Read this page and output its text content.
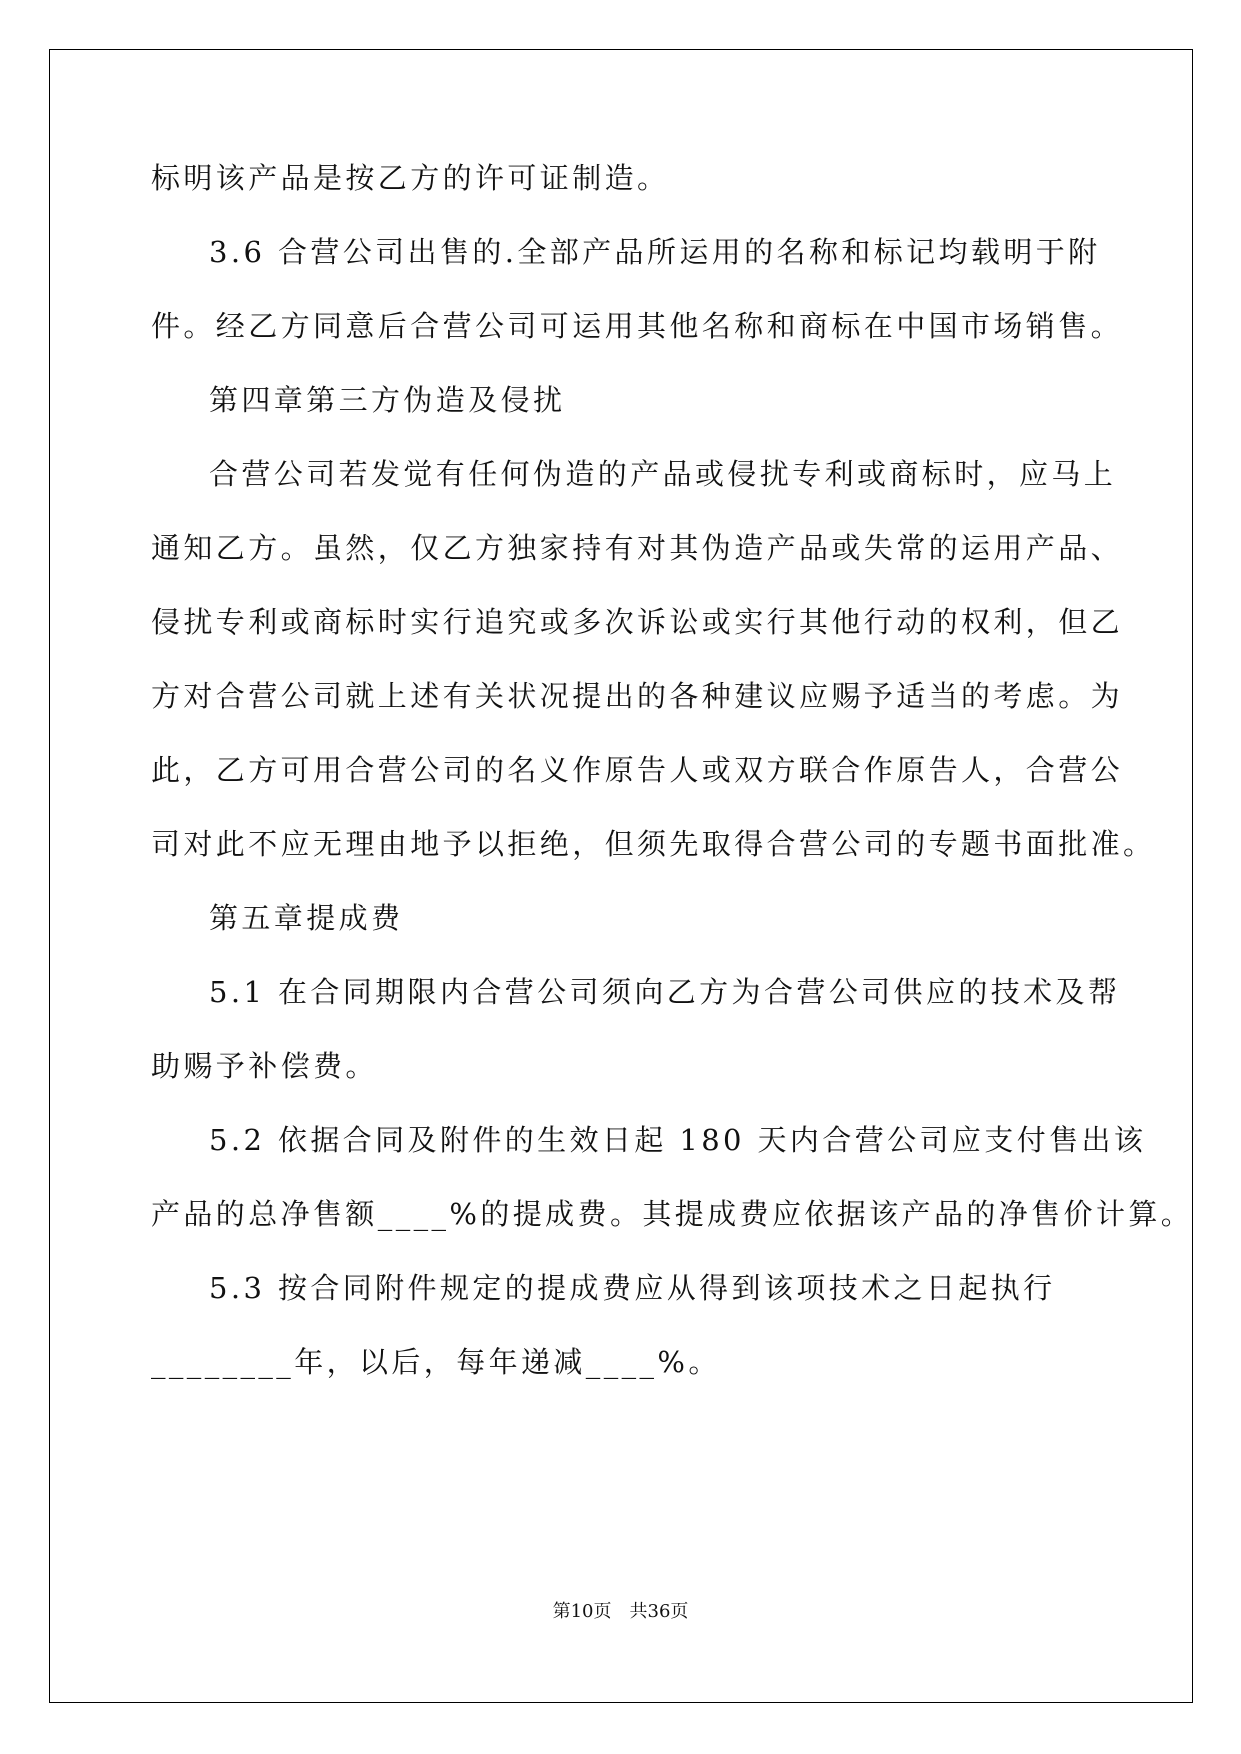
标明该产品是按乙方的许可证制造。
3.6 合营公司出售的.全部产品所运用的名称和标记均载明于附
件。经乙方同意后合营公司可运用其他名称和商标在中国市场销售。
第四章第三方伪造及侵扰
合营公司若发觉有任何伪造的产品或侵扰专利或商标时，应马上
通知乙方。虽然，仅乙方独家持有对其伪造产品或失常的运用产品、
侵扰专利或商标时实行追究或多次诉讼或实行其他行动的权利，但乙
方对合营公司就上述有关状况提出的各种建议应赐予适当的考虑。为
此，乙方可用合营公司的名义作原告人或双方联合作原告人，合营公
司对此不应无理由地予以拒绝，但须先取得合营公司的专题书面批准。
第五章提成费
5.1 在合同期限内合营公司须向乙方为合营公司供应的技术及帮
助赐予补偿费。
5.2 依据合同及附件的生效日起 180 天内合营公司应支付售出该
产品的总净售额____%的提成费。其提成费应依据该产品的净售价计算。
5.3 按合同附件规定的提成费应从得到该项技术之日起执行
________年，以后，每年递减____%。
第10页 共36页
